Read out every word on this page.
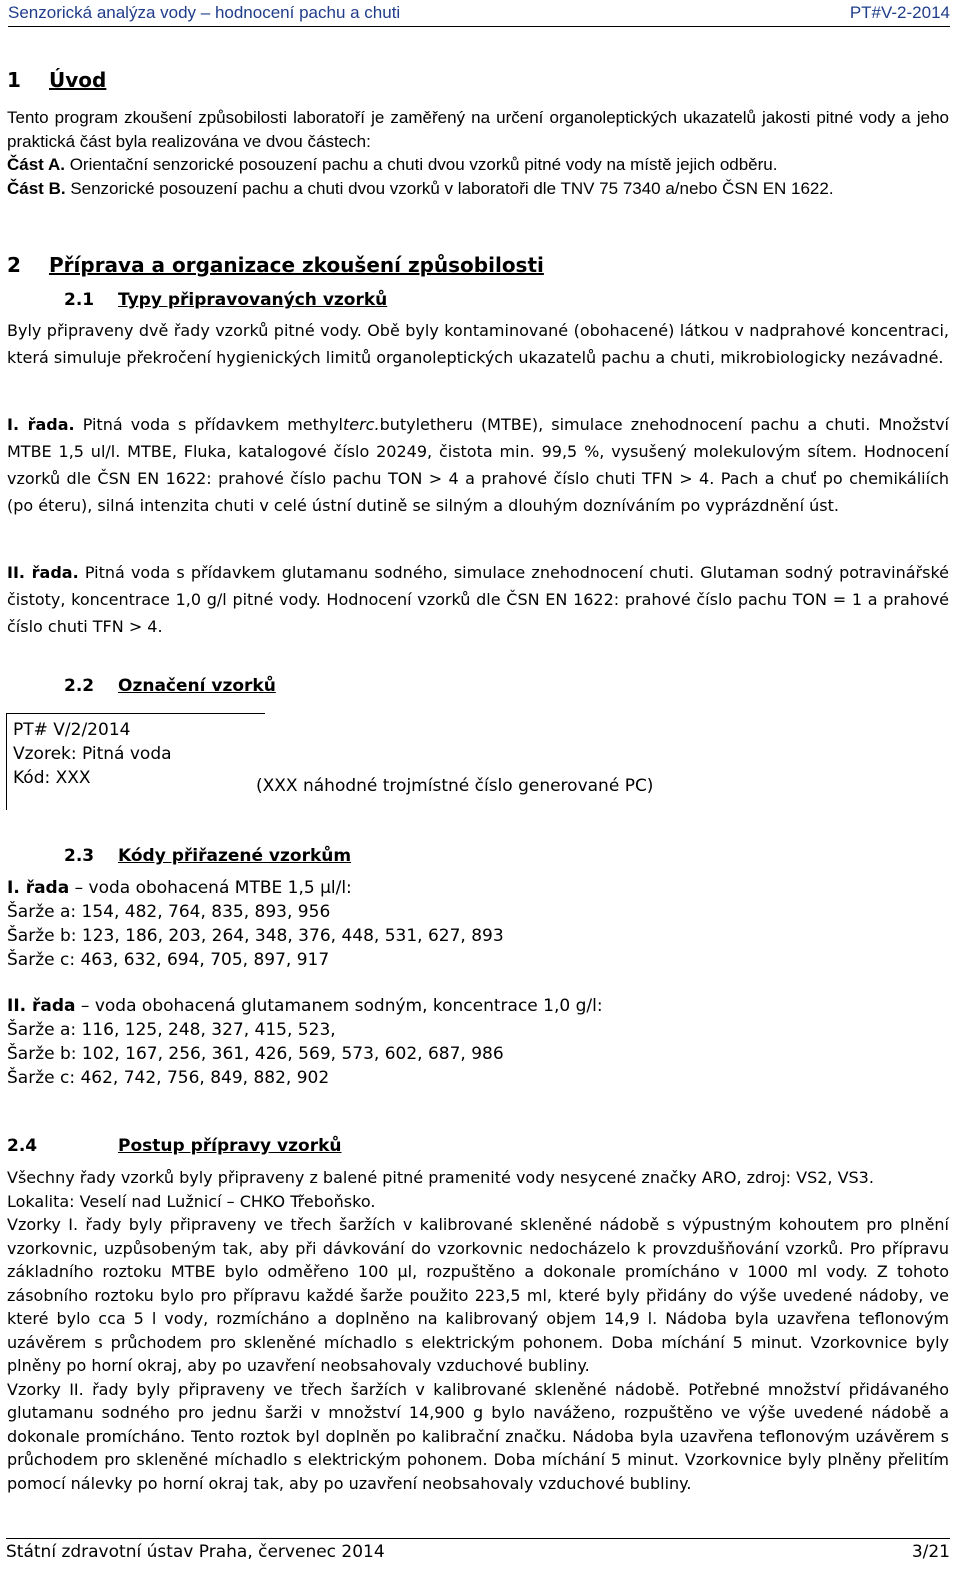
Senzorická analýza vody – hodnocení pachu a chuti	PT#V-2-2014
1 Úvod
Tento program zkoušení způsobilosti laboratoří je zaměřený na určení organoleptických ukazatelů jakosti pitné vody a jeho praktická část byla realizována ve dvou částech:
Část A. Orientační senzorické posouzení pachu a chuti dvou vzorků pitné vody na místě jejich odběru.
Část B. Senzorické posouzení pachu a chuti dvou vzorků v laboratoři dle TNV 75 7340 a/nebo ČSN EN 1622.
2 Příprava a organizace zkoušení způsobilosti
2.1 Typy připravovaných vzorků
Byly připraveny dvě řady vzorků pitné vody. Obě byly kontaminované (obohacené) látkou v nadprahové koncentraci, která simuluje překročení hygienických limitů organoleptických ukazatelů pachu a chuti, mikrobiologicky nezávadné.
I. řada. Pitná voda s přídavkem methylterc.butyletheru (MTBE), simulace znehodnocení pachu a chuti. Množství MTBE 1,5 ul/l. MTBE, Fluka, katalogové číslo 20249, čistota min. 99,5 %, vysušený molekulovým sítem. Hodnocení vzorků dle ČSN EN 1622: prahové číslo pachu TON > 4 a prahové číslo chuti TFN > 4. Pach a chuť po chemikáliích (po éteru), silná intenzita chuti v celé ústní dutině se silným a dlouhým dozníváním po vyprázdnění úst.
II. řada. Pitná voda s přídavkem glutamanu sodného, simulace znehodnocení chuti. Glutaman sodný potravinářské čistoty, koncentrace 1,0 g/l pitné vody. Hodnocení vzorků dle ČSN EN 1622: prahové číslo pachu TON = 1 a prahové číslo chuti TFN > 4.
2.2 Označení vzorků
PT# V/2/2014
Vzorek: Pitná voda
Kód: XXX	(XXX náhodné trojmístné číslo generované PC)
2.3 Kódy přiřazené vzorkům
I. řada – voda obohacená MTBE 1,5 μl/l:
Šarže a: 154, 482, 764, 835, 893, 956
Šarže b: 123, 186, 203, 264, 348, 376, 448, 531, 627, 893
Šarže c: 463, 632, 694, 705, 897, 917
II. řada – voda obohacená glutamanem sodným, koncentrace 1,0 g/l:
Šarže a: 116, 125, 248, 327, 415, 523,
Šarže b: 102, 167, 256, 361, 426, 569, 573, 602, 687, 986
Šarže c: 462, 742, 756, 849, 882, 902
2.4	Postup přípravy vzorků
Všechny řady vzorků byly připraveny z balené pitné pramenité vody nesycené značky ARO, zdroj: VS2, VS3.
Lokalita: Veselí nad Lužnicí – CHKO Třeboňsko.
Vzorky I. řady byly připraveny ve třech šaržích v kalibrované skleněné nádobě s výpustným kohoutem pro plnění vzorkovnic, uzpůsobeným tak, aby při dávkování do vzorkovnic nedocházelo k provzdušňování vzorků. Pro přípravu základního roztoku MTBE bylo odměřeno 100 µl, rozpuštěno a dokonale promícháno v 1000 ml vody. Z tohoto zásobního roztoku bylo pro přípravu každé šarže použito 223,5 ml, které byly přidány do výše uvedené nádoby, ve které bylo cca 5 l vody, rozmícháno a doplněno na kalibrovaný objem 14,9 l. Nádoba byla uzavřena teflonovým uzávěrem s průchodem pro skleněné míchadlo s elektrickým pohonem. Doba míchání 5 minut. Vzorkovnice byly plněny po horní okraj, aby po uzavření neobsahovaly vzduchové bubliny.
Vzorky II. řady byly připraveny ve třech šaržích v kalibrované skleněné nádobě. Potřebné množství přidávaného glutamanu sodného pro jednu šarži v množství 14,900 g bylo naváženo, rozpuštěno ve výše uvedené nádobě a dokonale promícháno. Tento roztok byl doplněn po kalibrační značku. Nádoba byla uzavřena teflonovým uzávěrem s průchodem pro skleněné míchadlo s elektrickým pohonem. Doba míchání 5 minut. Vzorkovnice byly plněny přelitím pomocí nálevky po horní okraj tak, aby po uzavření neobsahovaly vzduchové bubliny.
Státní zdravotní ústav Praha, červenec 2014	3/21
